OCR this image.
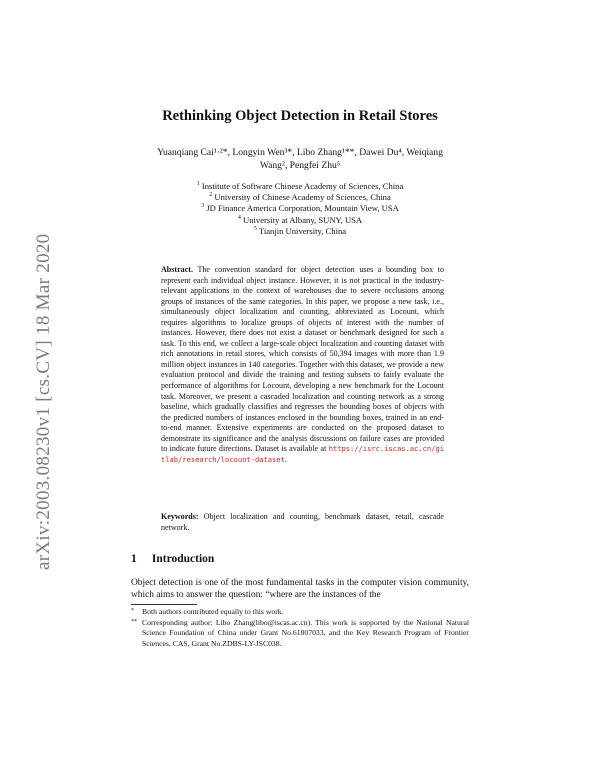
arXiv:2003.08230v1 [cs.CV] 18 Mar 2020
Rethinking Object Detection in Retail Stores
Yuanqiang Cai¹·²*, Longyin Wen³*, Libo Zhang¹**, Dawei Du⁴, Weiqiang
Wang², Pengfei Zhu⁵
$^1$ Institute of Software Chinese Academy of Sciences, China
$^2$ University of Chinese Academy of Sciences, China
$^3$ JD Finance America Corporation, Mountain View, USA
$^4$ University at Albany, SUNY, USA
$^5$ Tianjin University, China
Abstract. The convention standard for object detection uses a bounding box to represent each individual object instance. However, it is not practical in the industry-relevant applications in the context of warehouses due to severe occlusions among groups of instances of the same categories. In this paper, we propose a new task, i.e., simultaneously object localization and counting, abbreviated as Locount, which requires algorithms to localize groups of objects of interest with the number of instances. However, there does not exist a dataset or benchmark designed for such a task. To this end, we collect a large-scale object localization and counting dataset with rich annotations in retail stores, which consists of 50,394 images with more than 1.9 million object instances in 140 categories. Together with this dataset, we provide a new evaluation protocol and divide the training and testing subsets to fairly evaluate the performance of algorithms for Locount, developing a new benchmark for the Locount task. Moreover, we present a cascaded localization and counting network as a strong baseline, which gradually classifies and regresses the bounding boxes of objects with the predicted numbers of instances enclosed in the bounding boxes, trained in an end-to-end manner. Extensive experiments are conducted on the proposed dataset to demonstrate its significance and the analysis discussions on failure cases are provided to indicate future directions. Dataset is available at https://isrc.iscas.ac.cn/gitlab/research/locount-dataset.
Keywords: Object localization and counting, benchmark dataset, retail, cascade network.
1 Introduction
Object detection is one of the most fundamental tasks in the computer vision community, which aims to answer the question: “where are the instances of the
* Both authors contributed equally to this work.
** Corresponding author: Libo Zhang(libo@iscas.ac.cn). This work is supported by the National Natural Science Foundation of China under Grant No.61807033, and the Key Research Program of Frontier Sciences, CAS, Grant No.ZDBS-LY-JSC038.
